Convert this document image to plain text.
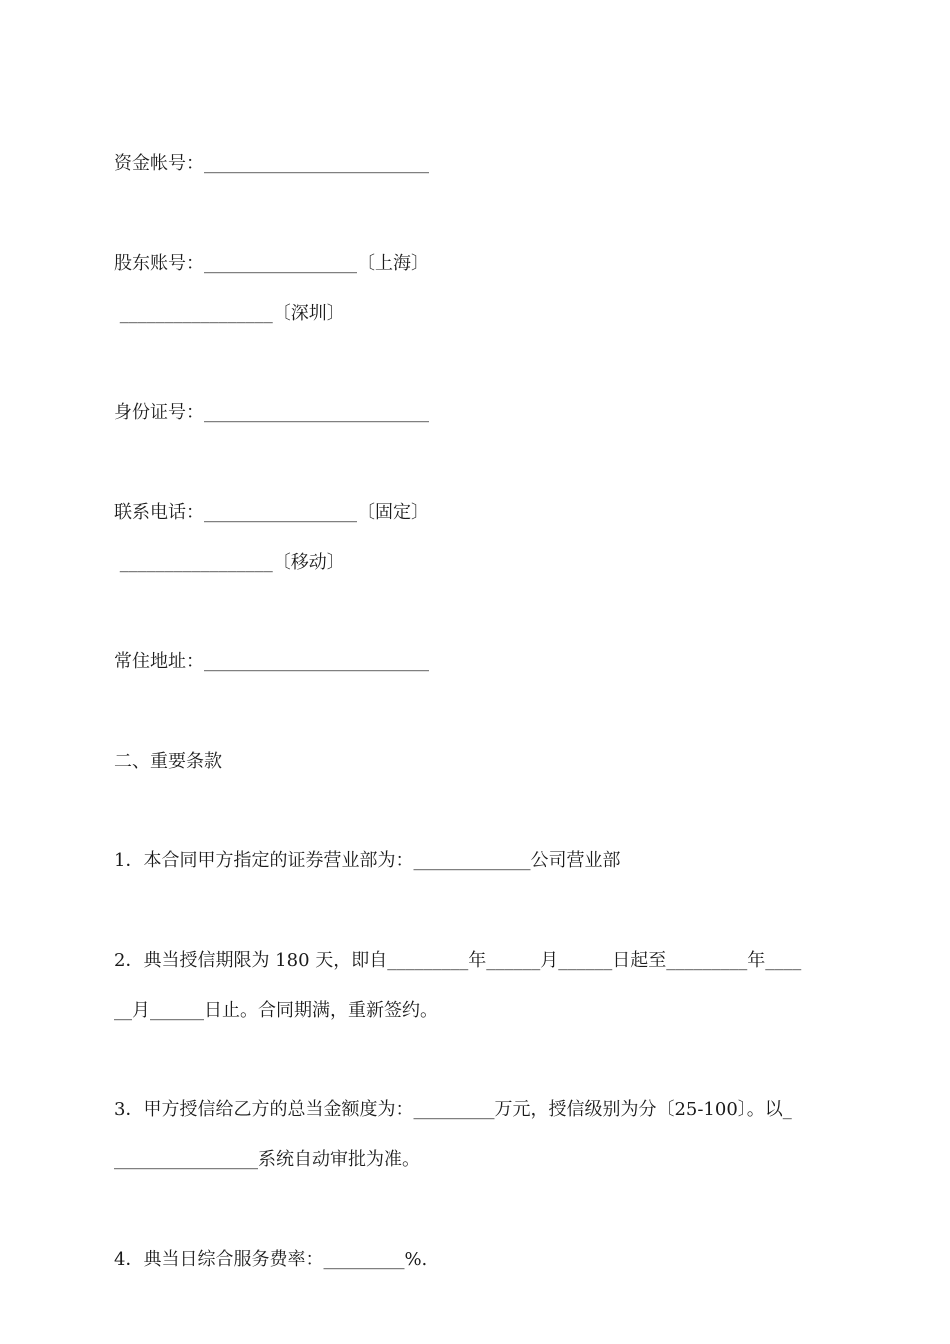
资金帐号：_________________________

股东账号：_________________〔上海〕

_________________〔深圳〕

身份证号：_________________________

联系电话：_________________〔固定〕

_________________〔移动〕

常住地址：_________________________

二、重要条款

1．本合同甲方指定的证券营业部为：_____________公司营业部

2．典当授信期限为 180 天，即自_________年______月______日起至_________年____

__月______日止。合同期满，重新签约。

3．甲方授信给乙方的总当金额度为：_________万元，授信级别为分〔25-100〕。以_

________________系统自动审批为准。

4．典当日综合服务费率：_________%.
